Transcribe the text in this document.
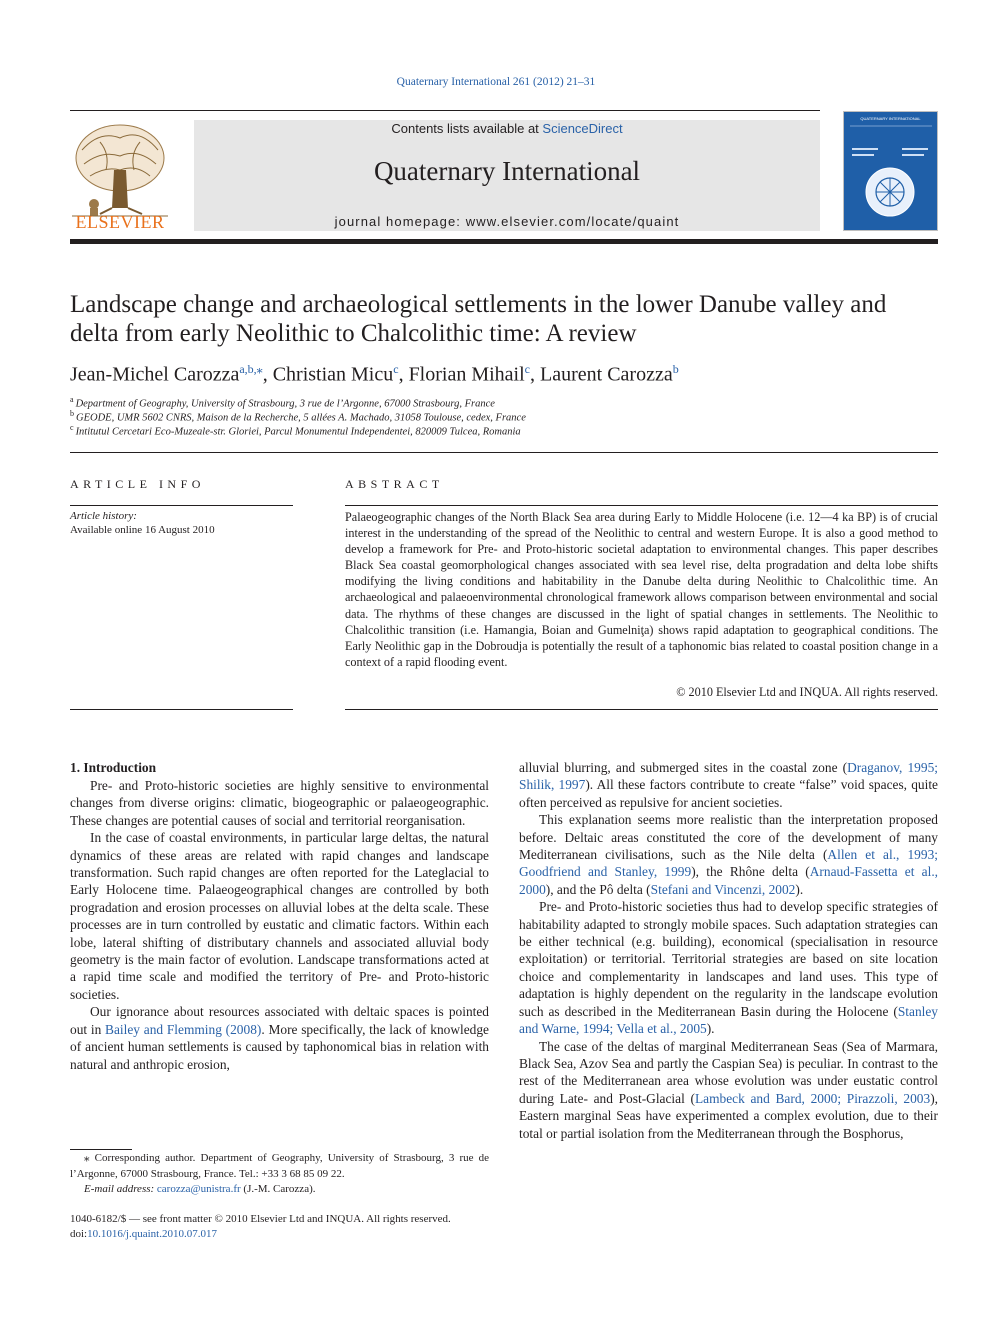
Quaternary International 261 (2012) 21–31
ELSEVIER
Contents lists available at ScienceDirect
Quaternary International
journal homepage: www.elsevier.com/locate/quaint
QUATERNARY INTERNATIONAL
Landscape change and archaeological settlements in the lower Danube valley and delta from early Neolithic to Chalcolithic time: A review
Jean-Michel Carozza$^{a,b,⁎}$, Christian Micu$^c$, Florian Mihail$^c$, Laurent Carozza$^b$
$^a$ Department of Geography, University of Strasbourg, 3 rue de l’Argonne, 67000 Strasbourg, France
$^b$ GEODE, UMR 5602 CNRS, Maison de la Recherche, 5 allées A. Machado, 31058 Toulouse, cedex, France
$^c$ Intitutul Cercetari Eco-Muzeale-str. Gloriei, Parcul Monumentul Independentei, 820009 Tulcea, Romania
ARTICLE INFO	ABSTRACT
Article history:
Available online 16 August 2010
Palaeogeographic changes of the North Black Sea area during Early to Middle Holocene (i.e. 12—4 ka BP) is of crucial interest in the understanding of the spread of the Neolithic to central and western Europe. It is also a good method to develop a framework for Pre- and Proto-historic societal adaptation to environmental changes. This paper describes Black Sea coastal geomorphological changes associated with sea level rise, delta progradation and delta lobe shifts modifying the living conditions and habitability in the Danube delta during Neolithic to Chalcolithic time. An archaeological and palaeoenvironmental chronological framework allows comparison between environmental and social data. The rhythms of these changes are discussed in the light of spatial changes in settlements. The Neolithic to Chalcolithic transition (i.e. Hamangia, Boian and Gumelniţa) shows rapid adaptation to geographical conditions. The Early Neolithic gap in the Dobroudja is potentially the result of a taphonomic bias related to coastal position change in a context of a rapid flooding event.
© 2010 Elsevier Ltd and INQUA. All rights reserved.
1. Introduction

Pre- and Proto-historic societies are highly sensitive to environmental changes from diverse origins: climatic, biogeographic or palaeogeographic. These changes are potential causes of social and territorial reorganisation.

In the case of coastal environments, in particular large deltas, the natural dynamics of these areas are related with rapid changes and landscape transformation. Such rapid changes are often reported for the Lateglacial to Early Holocene time. Palaeogeographical changes are controlled by both progradation and erosion processes on alluvial lobes at the delta scale. These processes are in turn controlled by eustatic and climatic factors. Within each lobe, lateral shifting of distributary channels and associated alluvial body geometry is the main factor of evolution. Landscape transformations acted at a rapid time scale and modified the territory of Pre- and Proto-historic societies.

Our ignorance about resources associated with deltaic spaces is pointed out in Bailey and Flemming (2008). More specifically, the lack of knowledge of ancient human settlements is caused by taphonomical bias in relation with natural and anthropic erosion,

alluvial blurring, and submerged sites in the coastal zone (Draganov, 1995; Shilik, 1997). All these factors contribute to create “false” void spaces, quite often perceived as repulsive for ancient societies.

This explanation seems more realistic than the interpretation proposed before. Deltaic areas constituted the core of the development of many Mediterranean civilisations, such as the Nile delta (Allen et al., 1993; Goodfriend and Stanley, 1999), the Rhône delta (Arnaud-Fassetta et al., 2000), and the Pô delta (Stefani and Vincenzi, 2002).

Pre- and Proto-historic societies thus had to develop specific strategies of habitability adapted to strongly mobile spaces. Such adaptation strategies can be either technical (e.g. building), economical (specialisation in resource exploitation) or territorial. Territorial strategies are based on site location choice and complementarity in landscapes and land uses. This type of adaptation is highly dependent on the regularity in the landscape evolution such as described in the Mediterranean Basin during the Holocene (Stanley and Warne, 1994; Vella et al., 2005).

The case of the deltas of marginal Mediterranean Seas (Sea of Marmara, Black Sea, Azov Sea and partly the Caspian Sea) is peculiar. In contrast to the rest of the Mediterranean area whose evolution was under eustatic control during Late- and Post-Glacial (Lambeck and Bard, 2000; Pirazzoli, 2003), Eastern marginal Seas have experimented a complex evolution, due to their total or partial isolation from the Mediterranean through the Bosphorus,

⁎ Corresponding author. Department of Geography, University of Strasbourg, 3 rue de l’Argonne, 67000 Strasbourg, France. Tel.: +33 3 68 85 09 22.
E-mail address: carozza@unistra.fr (J.-M. Carozza).
1040-6182/$ — see front matter © 2010 Elsevier Ltd and INQUA. All rights reserved.
doi:10.1016/j.quaint.2010.07.017
